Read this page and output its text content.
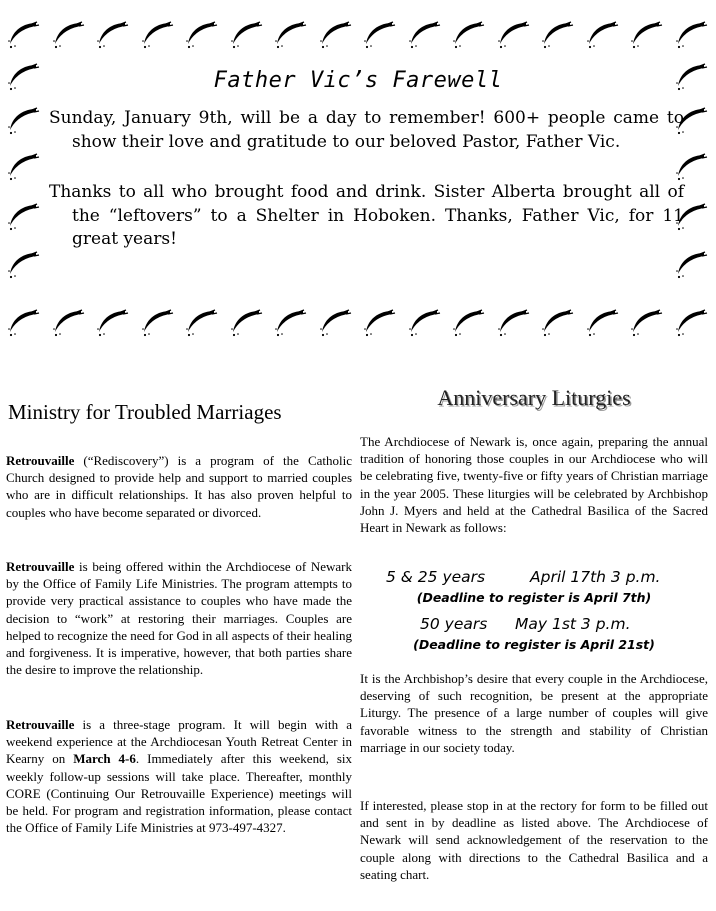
Father Vic’s Farewell
Sunday, January 9th, will be a day to remember! 600+ people came to show their love and gratitude to our beloved Pastor, Father Vic.
Thanks to all who brought food and drink. Sister Alberta brought all of the “leftovers” to a Shelter in Hoboken. Thanks, Father Vic, for 11 great years!
Ministry for Troubled Marriages
Retrouvaille (“Rediscovery”) is a program of the Catholic Church designed to provide help and support to married couples who are in difficult relationships. It has also proven helpful to couples who have become separated or divorced.
Retrouvaille is being offered within the Archdiocese of Newark by the Office of Family Life Ministries. The program attempts to provide very practical assistance to couples who have made the decision to “work” at restoring their marriages. Couples are helped to recognize the need for God in all aspects of their healing and forgiveness. It is imperative, however, that both parties share the desire to improve the relationship.
Retrouvaille is a three-stage program. It will begin with a weekend experience at the Archdiocesan Youth Retreat Center in Kearny on March 4-6. Immediately after this weekend, six weekly follow-up sessions will take place. Thereafter, monthly CORE (Continuing Our Retrouvaille Experience) meetings will be held. For program and registration information, please contact the Office of Family Life Ministries at 973-497-4327.
Anniversary Liturgies
The Archdiocese of Newark is, once again, preparing the annual tradition of honoring those couples in our Archdiocese who will be celebrating five, twenty-five or fifty years of Christian marriage in the year 2005. These liturgies will be celebrated by Archbishop John J. Myers and held at the Cathedral Basilica of the Sacred Heart in Newark as follows:
5 & 25 years	April 17th 3 p.m.
(Deadline to register is April 7th)
50 years May 1st 3 p.m.
(Deadline to register is April 21st)
It is the Archbishop’s desire that every couple in the Archdiocese, deserving of such recognition, be present at the appropriate Liturgy. The presence of a large number of couples will give favorable witness to the strength and stability of Christian marriage in our society today.
If interested, please stop in at the rectory for form to be filled out and sent in by deadline as listed above. The Archdiocese of Newark will send acknowledgement of the reservation to the couple along with directions to the Cathedral Basilica and a seating chart.
